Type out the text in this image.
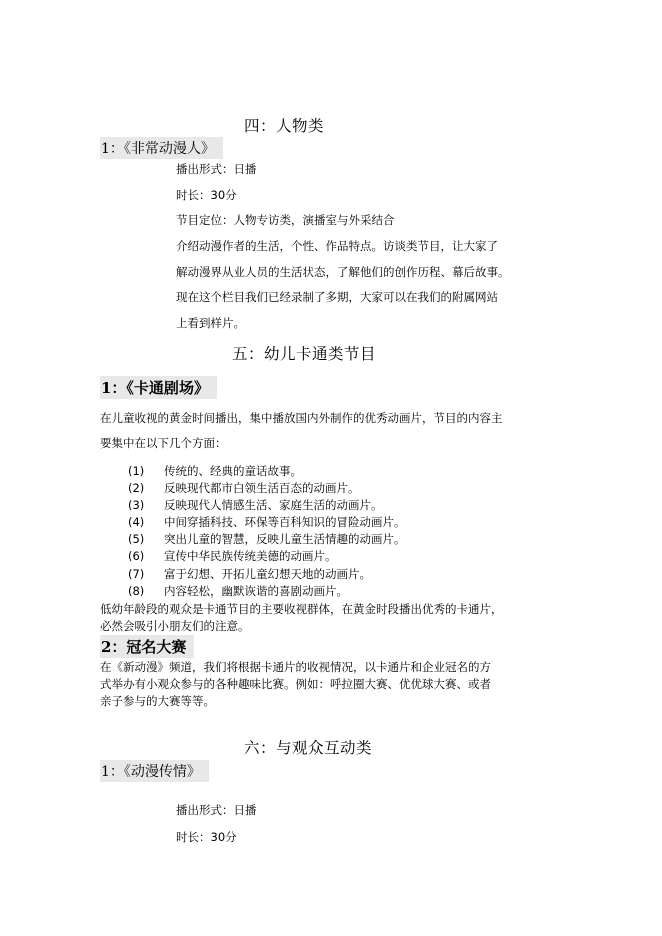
四：人物类
1：《非常动漫人》
播出形式：日播
时长：30分
节目定位：人物专访类，演播室与外采结合
介绍动漫作者的生活，个性、作品特点。访谈类节目，让大家了
解动漫界从业人员的生活状态，了解他们的创作历程、幕后故事。
现在这个栏目我们已经录制了多期，大家可以在我们的附属网站
上看到样片。
五：幼儿卡通类节目
1：《卡通剧场》
在儿童收视的黄金时间播出，集中播放国内外制作的优秀动画片，节目的内容主
要集中在以下几个方面：
(1) 传统的、经典的童话故事。
(2) 反映现代都市白领生活百态的动画片。
(3) 反映现代人情感生活、家庭生活的动画片。
(4) 中间穿插科技、环保等百科知识的冒险动画片。
(5) 突出儿童的智慧，反映儿童生活情趣的动画片。
(6) 宣传中华民族传统美德的动画片。
(7) 富于幻想、开拓儿童幻想天地的动画片。
(8) 内容轻松，幽默诙谐的喜剧动画片。
低幼年龄段的观众是卡通节目的主要收视群体，在黄金时段播出优秀的卡通片，
必然会吸引小朋友们的注意。
2：冠名大赛
在《新动漫》频道，我们将根据卡通片的收视情况，以卡通片和企业冠名的方
式举办有小观众参与的各种趣味比赛。例如：呼拉圈大赛、优优球大赛、或者
亲子参与的大赛等等。
六：与观众互动类
1：《动漫传情》
播出形式：日播
时长：30分
